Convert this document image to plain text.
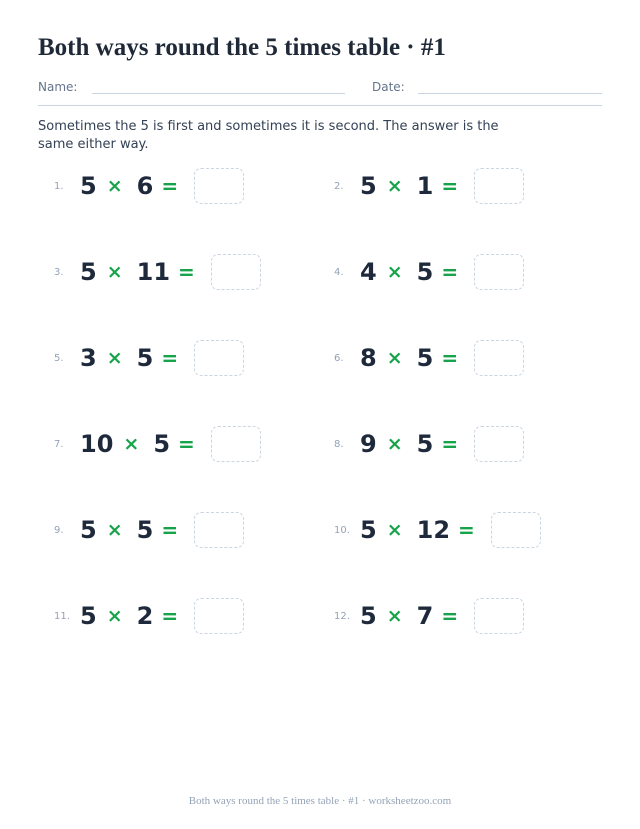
Both ways round the 5 times table · #1
Name:	Date:
Sometimes the 5 is first and sometimes it is second. The answer is the same either way.
1. 5 × 6 =	2. 5 × 1 =
3. 5 × 11 =	4. 4 × 5 =
5. 3 × 5 =	6. 8 × 5 =
7. 10 × 5 =	8. 9 × 5 =
9. 5 × 5 =	10. 5 × 12 =
11. 5 × 2 =	12. 5 × 7 =
Both ways round the 5 times table · #1 · worksheetzoo.com
